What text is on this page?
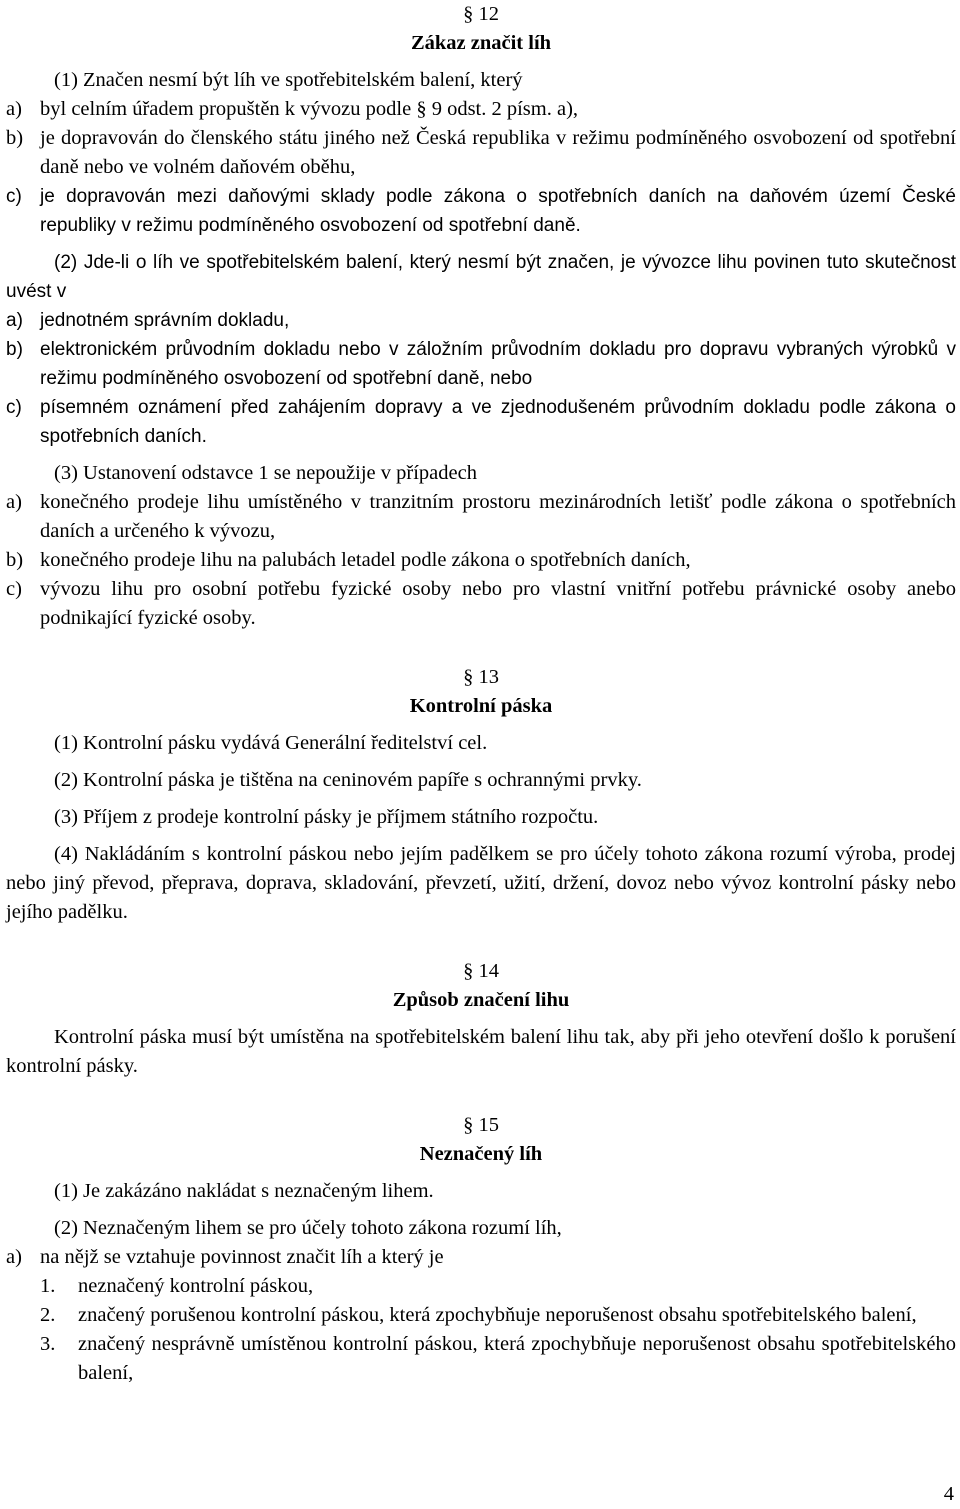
§ 12

Zákaz značit líh

(1) Značen nesmí být líh ve spotřebitelském balení, který

a) byl celním úřadem propuštěn k vývozu podle § 9 odst. 2 písm. a),
b) je dopravován do členského státu jiného než Česká republika v režimu podmíněného osvobození od spotřební daně nebo ve volném daňovém oběhu,
c) je dopravován mezi daňovými sklady podle zákona o spotřebních daních na daňovém území České republiky v režimu podmíněného osvobození od spotřební daně.

(2) Jde-li o líh ve spotřebitelském balení, který nesmí být značen, je vývozce lihu povinen tuto skutečnost uvést v

a) jednotném správním dokladu,
b) elektronickém průvodním dokladu nebo v záložním průvodním dokladu pro dopravu vybraných výrobků v režimu podmíněného osvobození od spotřební daně, nebo
c) písemném oznámení před zahájením dopravy a ve zjednodušeném průvodním dokladu podle zákona o spotřebních daních.

(3) Ustanovení odstavce 1 se nepoužije v případech

a) konečného prodeje lihu umístěného v tranzitním prostoru mezinárodních letišť podle zákona o spotřebních daních a určeného k vývozu,
b) konečného prodeje lihu na palubách letadel podle zákona o spotřebních daních,
c) vývozu lihu pro osobní potřebu fyzické osoby nebo pro vlastní vnitřní potřebu právnické osoby anebo podnikající fyzické osoby.

§ 13

Kontrolní páska

(1) Kontrolní pásku vydává Generální ředitelství cel.

(2) Kontrolní páska je tištěna na ceninovém papíře s ochrannými prvky.

(3) Příjem z prodeje kontrolní pásky je příjmem státního rozpočtu.

(4) Nakládáním s kontrolní páskou nebo jejím padělkem se pro účely tohoto zákona rozumí výroba, prodej nebo jiný převod, přeprava, doprava, skladování, převzetí, užití, držení, dovoz nebo vývoz kontrolní pásky nebo jejího padělku.

§ 14

Způsob značení lihu

Kontrolní páska musí být umístěna na spotřebitelském balení lihu tak, aby při jeho otevření došlo k porušení kontrolní pásky.

§ 15

Neznačený líh

(1) Je zakázáno nakládat s neznačeným lihem.

(2) Neznačeným lihem se pro účely tohoto zákona rozumí líh,

a) na nějž se vztahuje povinnost značit líh a který je
1.	neznačený kontrolní páskou,
2.	značený porušenou kontrolní páskou, která zpochybňuje neporušenost obsahu spotřebitelského balení,
3.	značený nesprávně umístěnou kontrolní páskou, která zpochybňuje neporušenost obsahu spotřebitelského balení,

4
